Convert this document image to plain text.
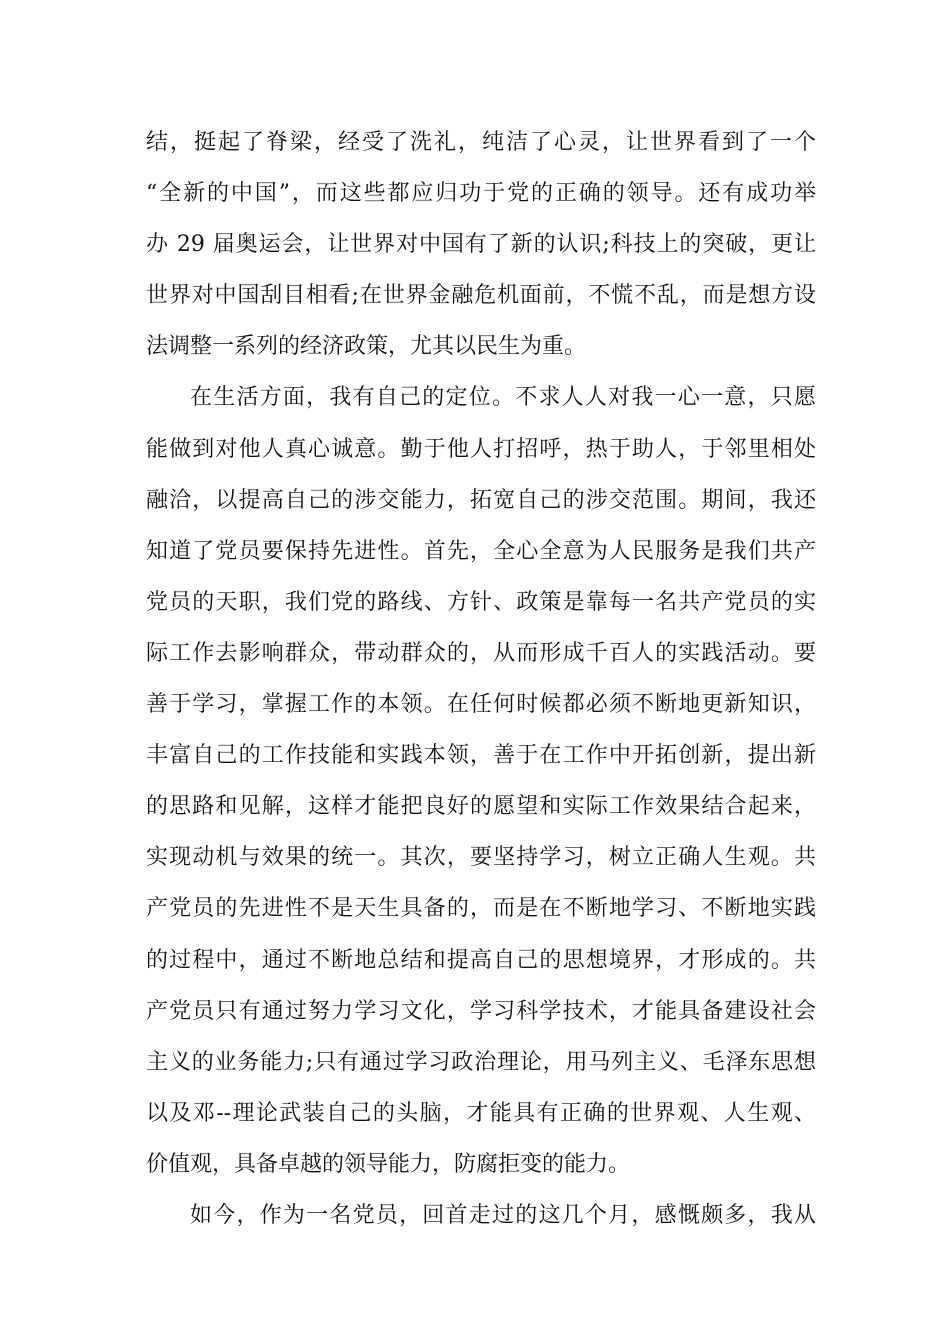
结，挺起了脊梁，经受了洗礼，纯洁了心灵，让世界看到了一个
“全新的中国”，而这些都应归功于党的正确的领导。还有成功举
办 29 届奥运会，让世界对中国有了新的认识;科技上的突破，更让
世界对中国刮目相看;在世界金融危机面前，不慌不乱，而是想方设
法调整一系列的经济政策，尤其以民生为重。
在生活方面，我有自己的定位。不求人人对我一心一意，只愿
能做到对他人真心诚意。勤于他人打招呼，热于助人，于邻里相处
融洽，以提高自己的涉交能力，拓宽自己的涉交范围。期间，我还
知道了党员要保持先进性。首先，全心全意为人民服务是我们共产
党员的天职，我们党的路线、方针、政策是靠每一名共产党员的实
际工作去影响群众，带动群众的，从而形成千百人的实践活动。要
善于学习，掌握工作的本领。在任何时候都必须不断地更新知识，
丰富自己的工作技能和实践本领，善于在工作中开拓创新，提出新
的思路和见解，这样才能把良好的愿望和实际工作效果结合起来，
实现动机与效果的统一。其次，要坚持学习，树立正确人生观。共
产党员的先进性不是天生具备的，而是在不断地学习、不断地实践
的过程中，通过不断地总结和提高自己的思想境界，才形成的。共
产党员只有通过努力学习文化，学习科学技术，才能具备建设社会
主义的业务能力;只有通过学习政治理论，用马列主义、毛泽东思想
以及邓--理论武装自己的头脑，才能具有正确的世界观、人生观、
价值观，具备卓越的领导能力，防腐拒变的能力。
如今，作为一名党员，回首走过的这几个月，感慨颇多，我从
